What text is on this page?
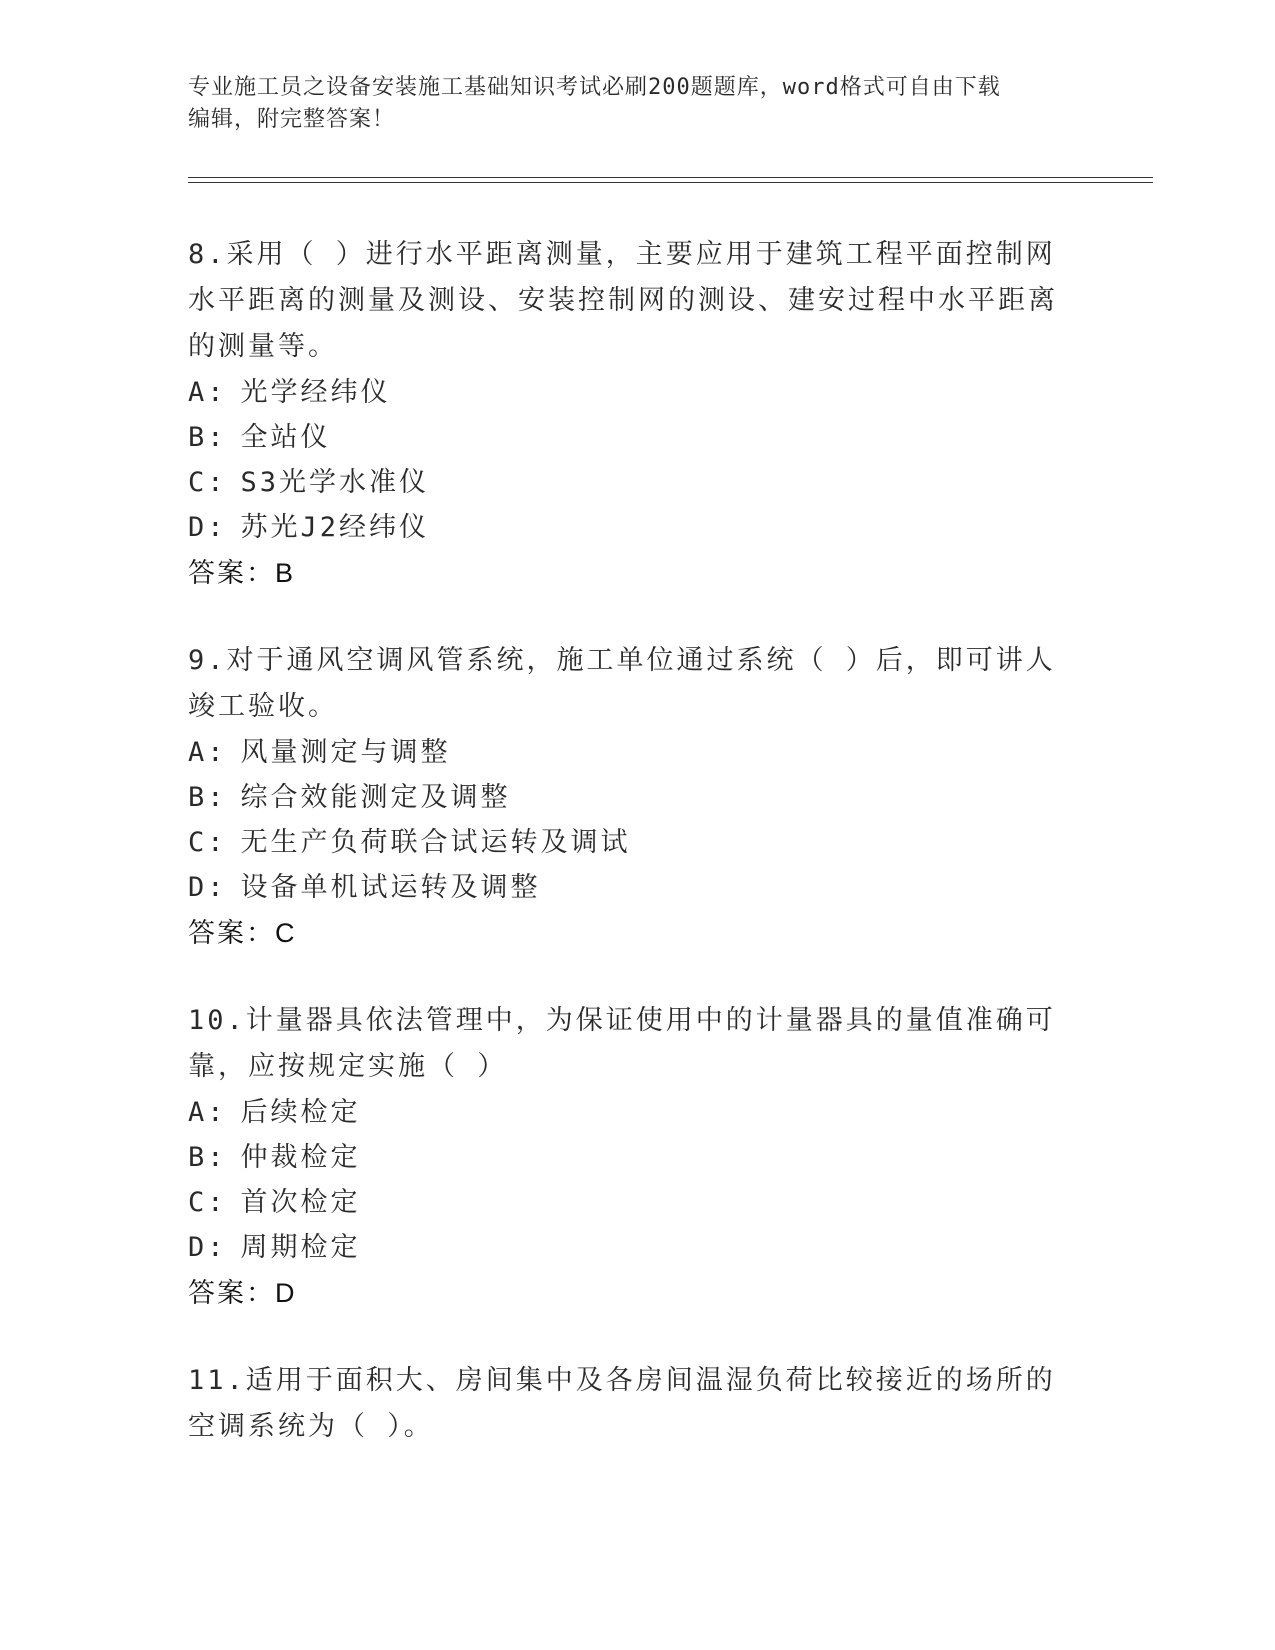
专业施工员之设备安装施工基础知识考试必刷200题题库，word格式可自由下载
编辑，附完整答案！
8.采用（ ）进行水平距离测量，主要应用于建筑工程平面控制网水平距离的测量及测设、安装控制网的测设、建安过程中水平距离的测量等。
A: 光学经纬仪
B: 全站仪
C: S3光学水准仪
D: 苏光J2经纬仪
答案：B
9.对于通风空调风管系统，施工单位通过系统（ ）后，即可讲人竣工验收。
A: 风量测定与调整
B: 综合效能测定及调整
C: 无生产负荷联合试运转及调试
D: 设备单机试运转及调整
答案：C
10.计量器具依法管理中，为保证使用中的计量器具的量值准确可靠，应按规定实施（ ）
A: 后续检定
B: 仲裁检定
C: 首次检定
D: 周期检定
答案：D
11.适用于面积大、房间集中及各房间温湿负荷比较接近的场所的空调系统为（ ）。
